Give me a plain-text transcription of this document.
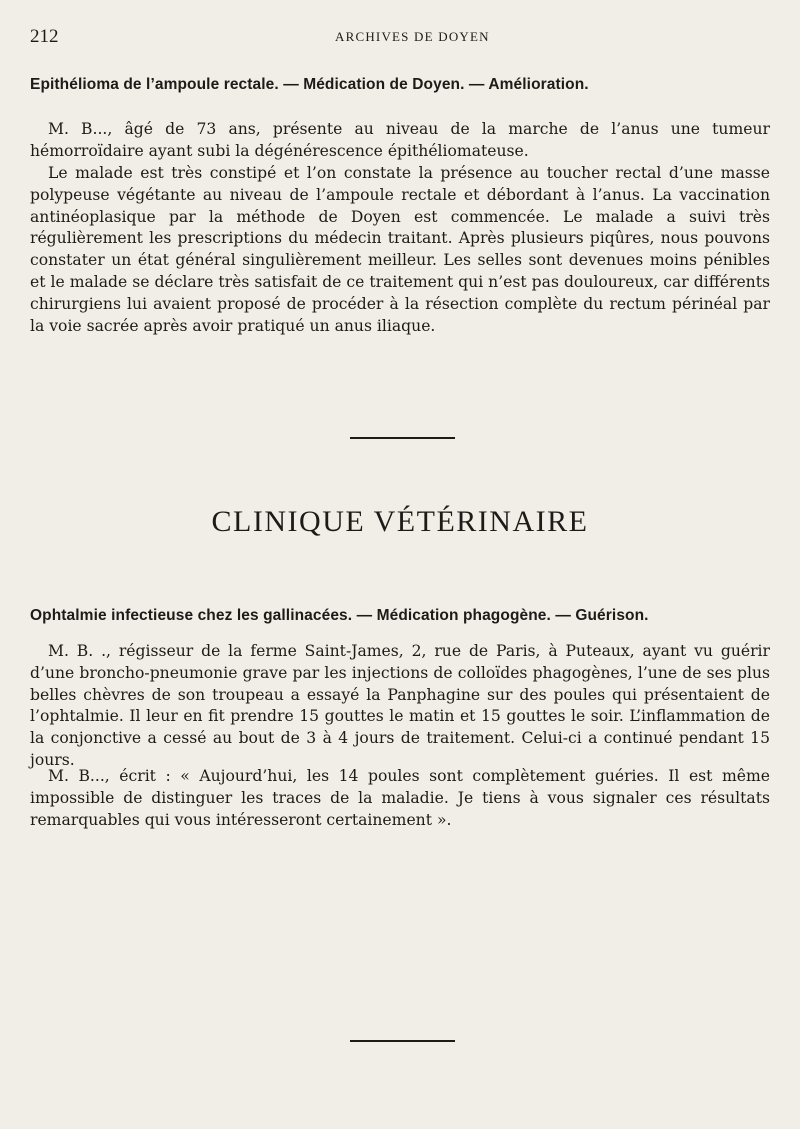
212	ARCHIVES DE DOYEN
Epithélioma de l’ampoule rectale. — Médication de Doyen. — Amélioration.

M. B..., âgé de 73 ans, présente au niveau de la marche de l’anus une tumeur hémorroïdaire ayant subi la dégénérescence épithéliomateuse.

Le malade est très constipé et l’on constate la présence au toucher rectal d’une masse polypeuse végétante au niveau de l’ampoule rectale et débordant à l’anus. La vaccination antinéoplasique par la méthode de Doyen est commencée. Le malade a suivi très régulièrement les prescriptions du médecin traitant. Après plusieurs piqûres, nous pouvons constater un état général singulièrement meilleur. Les selles sont devenues moins pénibles et le malade se déclare très satisfait de ce traitement qui n’est pas douloureux, car différents chirurgiens lui avaient proposé de procéder à la résection complète du rectum périnéal par la voie sacrée après avoir pratiqué un anus iliaque.

CLINIQUE VÉTÉRINAIRE
Ophtalmie infectieuse chez les gallinacées. — Médication phagogène. — Guérison.

M. B. ., régisseur de la ferme Saint-James, 2, rue de Paris, à Puteaux, ayant vu guérir d’une broncho-pneumonie grave par les injections de colloïdes phagogènes, l’une de ses plus belles chèvres de son troupeau a essayé la Panphagine sur des poules qui présentaient de l’ophtalmie. Il leur en fit prendre 15 gouttes le matin et 15 gouttes le soir. L’inflammation de la conjonctive a cessé au bout de 3 à 4 jours de traitement. Celui-ci a continué pendant 15 jours.

M. B..., écrit : « Aujourd’hui, les 14 poules sont complètement guéries. Il est même impossible de distinguer les traces de la maladie. Je tiens à vous signaler ces résultats remarquables qui vous intéresseront certainement ».
